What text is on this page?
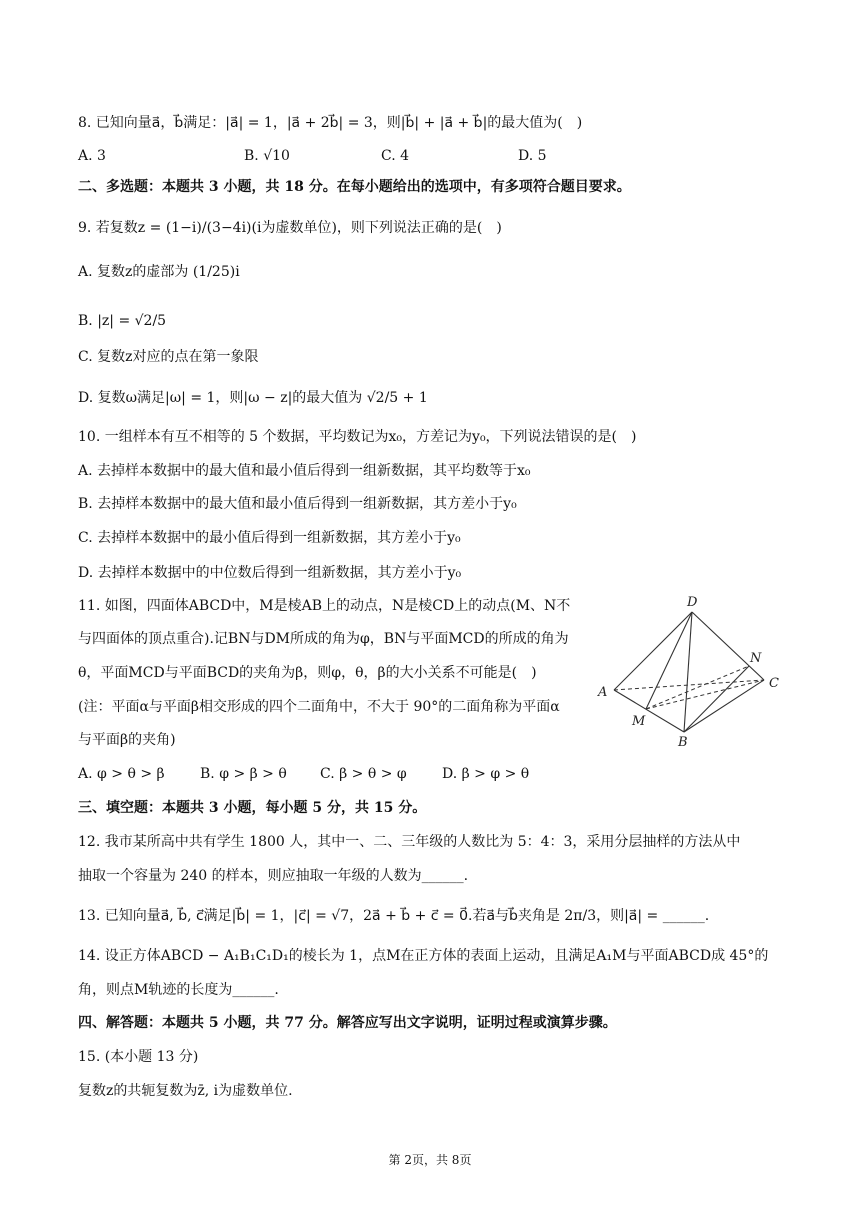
8. 已知向量a⃗，b⃗满足：|a⃗| = 1，|a⃗ + 2b⃗| = 3，则|b⃗| + |a⃗ + b⃗|的最大值为(　)
A. 3	B. √10	C. 4	D. 5
二、多选题：本题共 3 小题，共 18 分。在每小题给出的选项中，有多项符合题目要求。
9. 若复数z = (1−i)/(3−4i)(i为虚数单位)，则下列说法正确的是(　)
A. 复数z的虚部为 (1/25)i
B. |z| = √2/5
C. 复数z对应的点在第一象限
D. 复数ω满足|ω| = 1，则|ω − z|的最大值为 √2/5 + 1
10. 一组样本有互不相等的 5 个数据，平均数记为x₀，方差记为y₀，下列说法错误的是(　)
A. 去掉样本数据中的最大值和最小值后得到一组新数据，其平均数等于x₀
B. 去掉样本数据中的最大值和最小值后得到一组新数据，其方差小于y₀
C. 去掉样本数据中的最小值后得到一组新数据，其方差小于y₀
D. 去掉样本数据中的中位数后得到一组新数据，其方差小于y₀
11. 如图，四面体ABCD中，M是棱AB上的动点，N是棱CD上的动点(M、N不
与四面体的顶点重合).记BN与DM所成的角为φ，BN与平面MCD的所成的角为
θ，平面MCD与平面BCD的夹角为β，则φ，θ，β的大小关系不可能是(　)
(注：平面α与平面β相交形成的四个二面角中，不大于 90°的二面角称为平面α
与平面β的夹角)
A. φ > θ > β	B. φ > β > θ C. β > θ > φ	D. β > φ > θ
D
N
A
C
M
B
三、填空题：本题共 3 小题，每小题 5 分，共 15 分。
12. 我市某所高中共有学生 1800 人，其中一、二、三年级的人数比为 5：4：3，采用分层抽样的方法从中
抽取一个容量为 240 的样本，则应抽取一年级的人数为______.
13. 已知向量a⃗, b⃗, c⃗满足|b⃗| = 1，|c⃗| = √7，2a⃗ + b⃗ + c⃗ = 0⃗.若a⃗与b⃗夹角是 2π/3，则|a⃗| = ______.
14. 设正方体ABCD − A₁B₁C₁D₁的棱长为 1，点M在正方体的表面上运动，且满足A₁M与平面ABCD成 45°的
角，则点M轨迹的长度为______.
四、解答题：本题共 5 小题，共 77 分。解答应写出文字说明，证明过程或演算步骤。
15. (本小题 13 分)
复数z的共轭复数为z̄, i为虚数单位.
第 2页，共 8页
